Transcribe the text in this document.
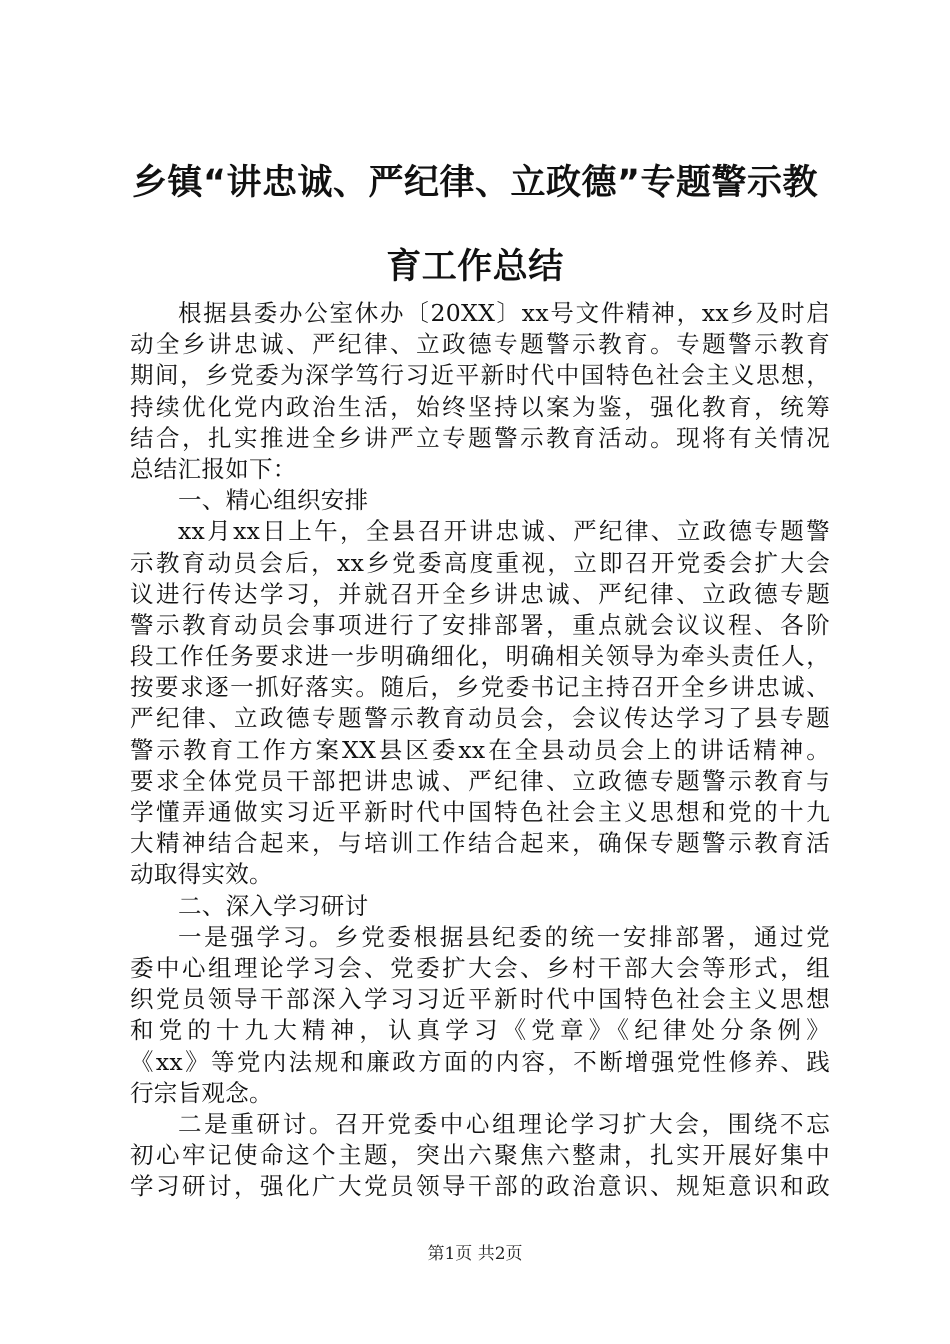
乡镇“讲忠诚、严纪律、立政德”专题警示教
育工作总结
根据县委办公室休办〔20XX〕xx号文件精神，xx乡及时启
动全乡讲忠诚、严纪律、立政德专题警示教育。专题警示教育
期间，乡党委为深学笃行习近平新时代中国特色社会主义思想，
持续优化党内政治生活，始终坚持以案为鉴，强化教育，统筹
结合，扎实推进全乡讲严立专题警示教育活动。现将有关情况
总结汇报如下：
一、精心组织安排
xx月xx日上午，全县召开讲忠诚、严纪律、立政德专题警
示教育动员会后，xx乡党委高度重视，立即召开党委会扩大会
议进行传达学习，并就召开全乡讲忠诚、严纪律、立政德专题
警示教育动员会事项进行了安排部署，重点就会议议程、各阶
段工作任务要求进一步明确细化，明确相关领导为牵头责任人，
按要求逐一抓好落实。随后，乡党委书记主持召开全乡讲忠诚、
严纪律、立政德专题警示教育动员会，会议传达学习了县专题
警示教育工作方案XX县区委xx在全县动员会上的讲话精神。
要求全体党员干部把讲忠诚、严纪律、立政德专题警示教育与
学懂弄通做实习近平新时代中国特色社会主义思想和党的十九
大精神结合起来，与培训工作结合起来，确保专题警示教育活
动取得实效。
二、深入学习研讨
一是强学习。乡党委根据县纪委的统一安排部署，通过党
委中心组理论学习会、党委扩大会、乡村干部大会等形式，组
织党员领导干部深入学习习近平新时代中国特色社会主义思想
和党的十九大精神，认真学习《党章》《纪律处分条例》
《xx》等党内法规和廉政方面的内容，不断增强党性修养、践
行宗旨观念。
二是重研讨。召开党委中心组理论学习扩大会，围绕不忘
初心牢记使命这个主题，突出六聚焦六整肃，扎实开展好集中
学习研讨，强化广大党员领导干部的政治意识、规矩意识和政
第1页 共2页
